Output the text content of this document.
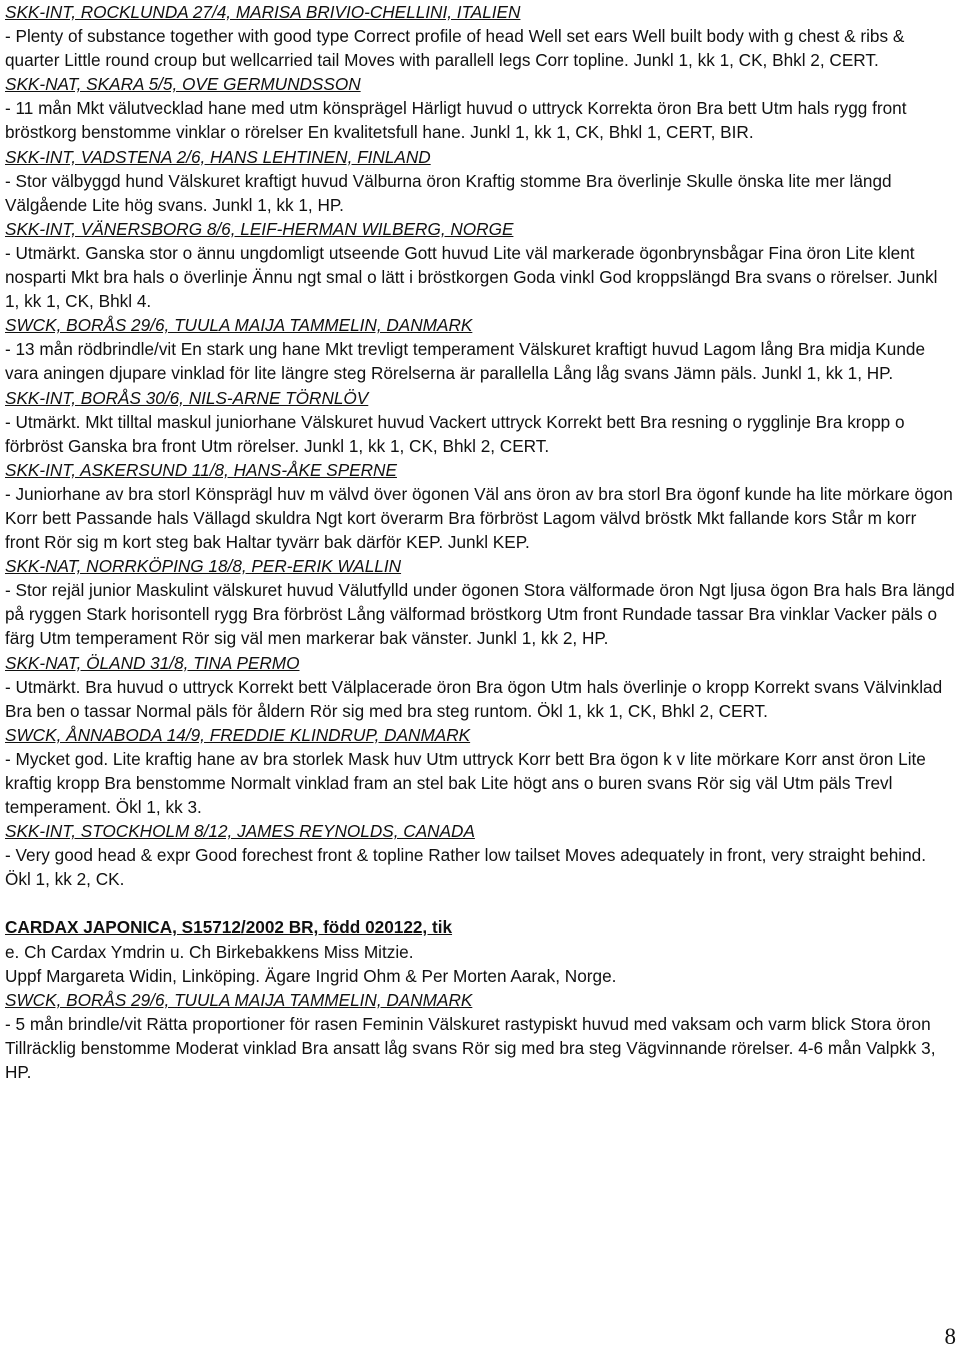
SKK-INT, ROCKLUNDA 27/4, MARISA BRIVIO-CHELLINI, ITALIEN
- Plenty of substance together with good type Correct profile of head Well set ears Well built body with g chest & ribs & quarter Little round croup but wellcarried tail Moves with parallell legs Corr topline. Junkl 1, kk 1, CK, Bhkl 2, CERT.
SKK-NAT, SKARA 5/5, OVE GERMUNDSSON
- 11 mån Mkt välutvecklad hane med utm könsprägel Härligt huvud o uttryck Korrekta öron Bra bett Utm hals rygg front bröstkorg benstomme vinklar o rörelser En kvalitetsfull hane. Junkl 1, kk 1, CK, Bhkl 1, CERT, BIR.
SKK-INT, VADSTENA 2/6, HANS LEHTINEN, FINLAND
- Stor välbyggd hund Välskuret kraftigt huvud Välburna öron Kraftig stomme Bra överlinje Skulle önska lite mer längd Välgående Lite hög svans. Junkl 1, kk 1, HP.
SKK-INT, VÄNERSBORG 8/6, LEIF-HERMAN WILBERG, NORGE
- Utmärkt. Ganska stor o ännu ungdomligt utseende Gott huvud Lite väl markerade ögonbrynsbågar Fina öron Lite klent nosparti Mkt bra hals o överlinje Ännu ngt smal o lätt i bröstkorgen Goda vinkl God kroppslängd Bra svans o rörelser. Junkl 1, kk 1, CK, Bhkl 4.
SWCK, BORÅS 29/6, TUULA MAIJA TAMMELIN, DANMARK
- 13 mån rödbrindle/vit En stark ung hane Mkt trevligt temperament Välskuret kraftigt huvud Lagom lång Bra midja Kunde vara aningen djupare vinklad för lite längre steg Rörelserna är parallella Lång låg svans Jämn päls. Junkl 1, kk 1, HP.
SKK-INT, BORÅS 30/6, NILS-ARNE TÖRNLÖV
- Utmärkt. Mkt tilltal maskul juniorhane Välskuret huvud Vackert uttryck Korrekt bett Bra resning o rygglinje Bra kropp o förbröst Ganska bra front Utm rörelser. Junkl 1, kk 1, CK, Bhkl 2, CERT.
SKK-INT, ASKERSUND 11/8, HANS-ÅKE SPERNE
- Juniorhane av bra storl Könsprägl huv m välvd över ögonen Väl ans öron av bra storl Bra ögonf kunde ha lite mörkare ögon Korr bett Passande hals Vällagd skuldra Ngt kort överarm Bra förbröst Lagom välvd bröstk Mkt fallande kors Står m korr front Rör sig m kort steg bak Haltar tyvärr bak därför KEP. Junkl KEP.
SKK-NAT, NORRKÖPING 18/8, PER-ERIK WALLIN
- Stor rejäl junior Maskulint välskuret huvud Välutfylld under ögonen Stora välformade öron Ngt ljusa ögon Bra hals Bra längd på ryggen Stark horisontell rygg Bra förbröst Lång välformad bröstkorg Utm front Rundade tassar Bra vinklar Vacker päls o färg Utm temperament Rör sig väl men markerar bak vänster. Junkl 1, kk 2, HP.
SKK-NAT, ÖLAND 31/8, TINA PERMO
- Utmärkt. Bra huvud o uttryck Korrekt bett Välplacerade öron Bra ögon Utm hals överlinje o kropp Korrekt svans Välvinklad Bra ben o tassar Normal päls för åldern Rör sig med bra steg runtom. Ökl 1, kk 1, CK, Bhkl 2, CERT.
SWCK, ÅNNABODA 14/9, FREDDIE KLINDRUP, DANMARK
- Mycket god. Lite kraftig hane av bra storlek Mask huv Utm uttryck Korr bett Bra ögon k v lite mörkare Korr anst öron Lite kraftig kropp Bra benstomme Normalt vinklad fram an stel bak Lite högt ans o buren svans Rör sig väl Utm päls Trevl temperament. Ökl 1, kk 3.
SKK-INT, STOCKHOLM 8/12, JAMES REYNOLDS, CANADA
- Very good head & expr Good forechest front & topline Rather low tailset Moves adequately in front, very straight behind. Ökl 1, kk 2, CK.
CARDAX JAPONICA, S15712/2002 BR, född 020122, tik
e. Ch Cardax Ymdrin u. Ch Birkebakkens Miss Mitzie.
Uppf Margareta Widin, Linköping. Ägare Ingrid Ohm & Per Morten Aarak, Norge.
SWCK, BORÅS 29/6, TUULA MAIJA TAMMELIN, DANMARK
- 5 mån brindle/vit Rätta proportioner för rasen Feminin Välskuret rastypiskt huvud med vaksam och varm blick Stora öron Tillräcklig benstomme Moderat vinklad Bra ansatt låg svans Rör sig med bra steg Vägvinnande rörelser. 4-6 mån Valpkk 3, HP.
8
